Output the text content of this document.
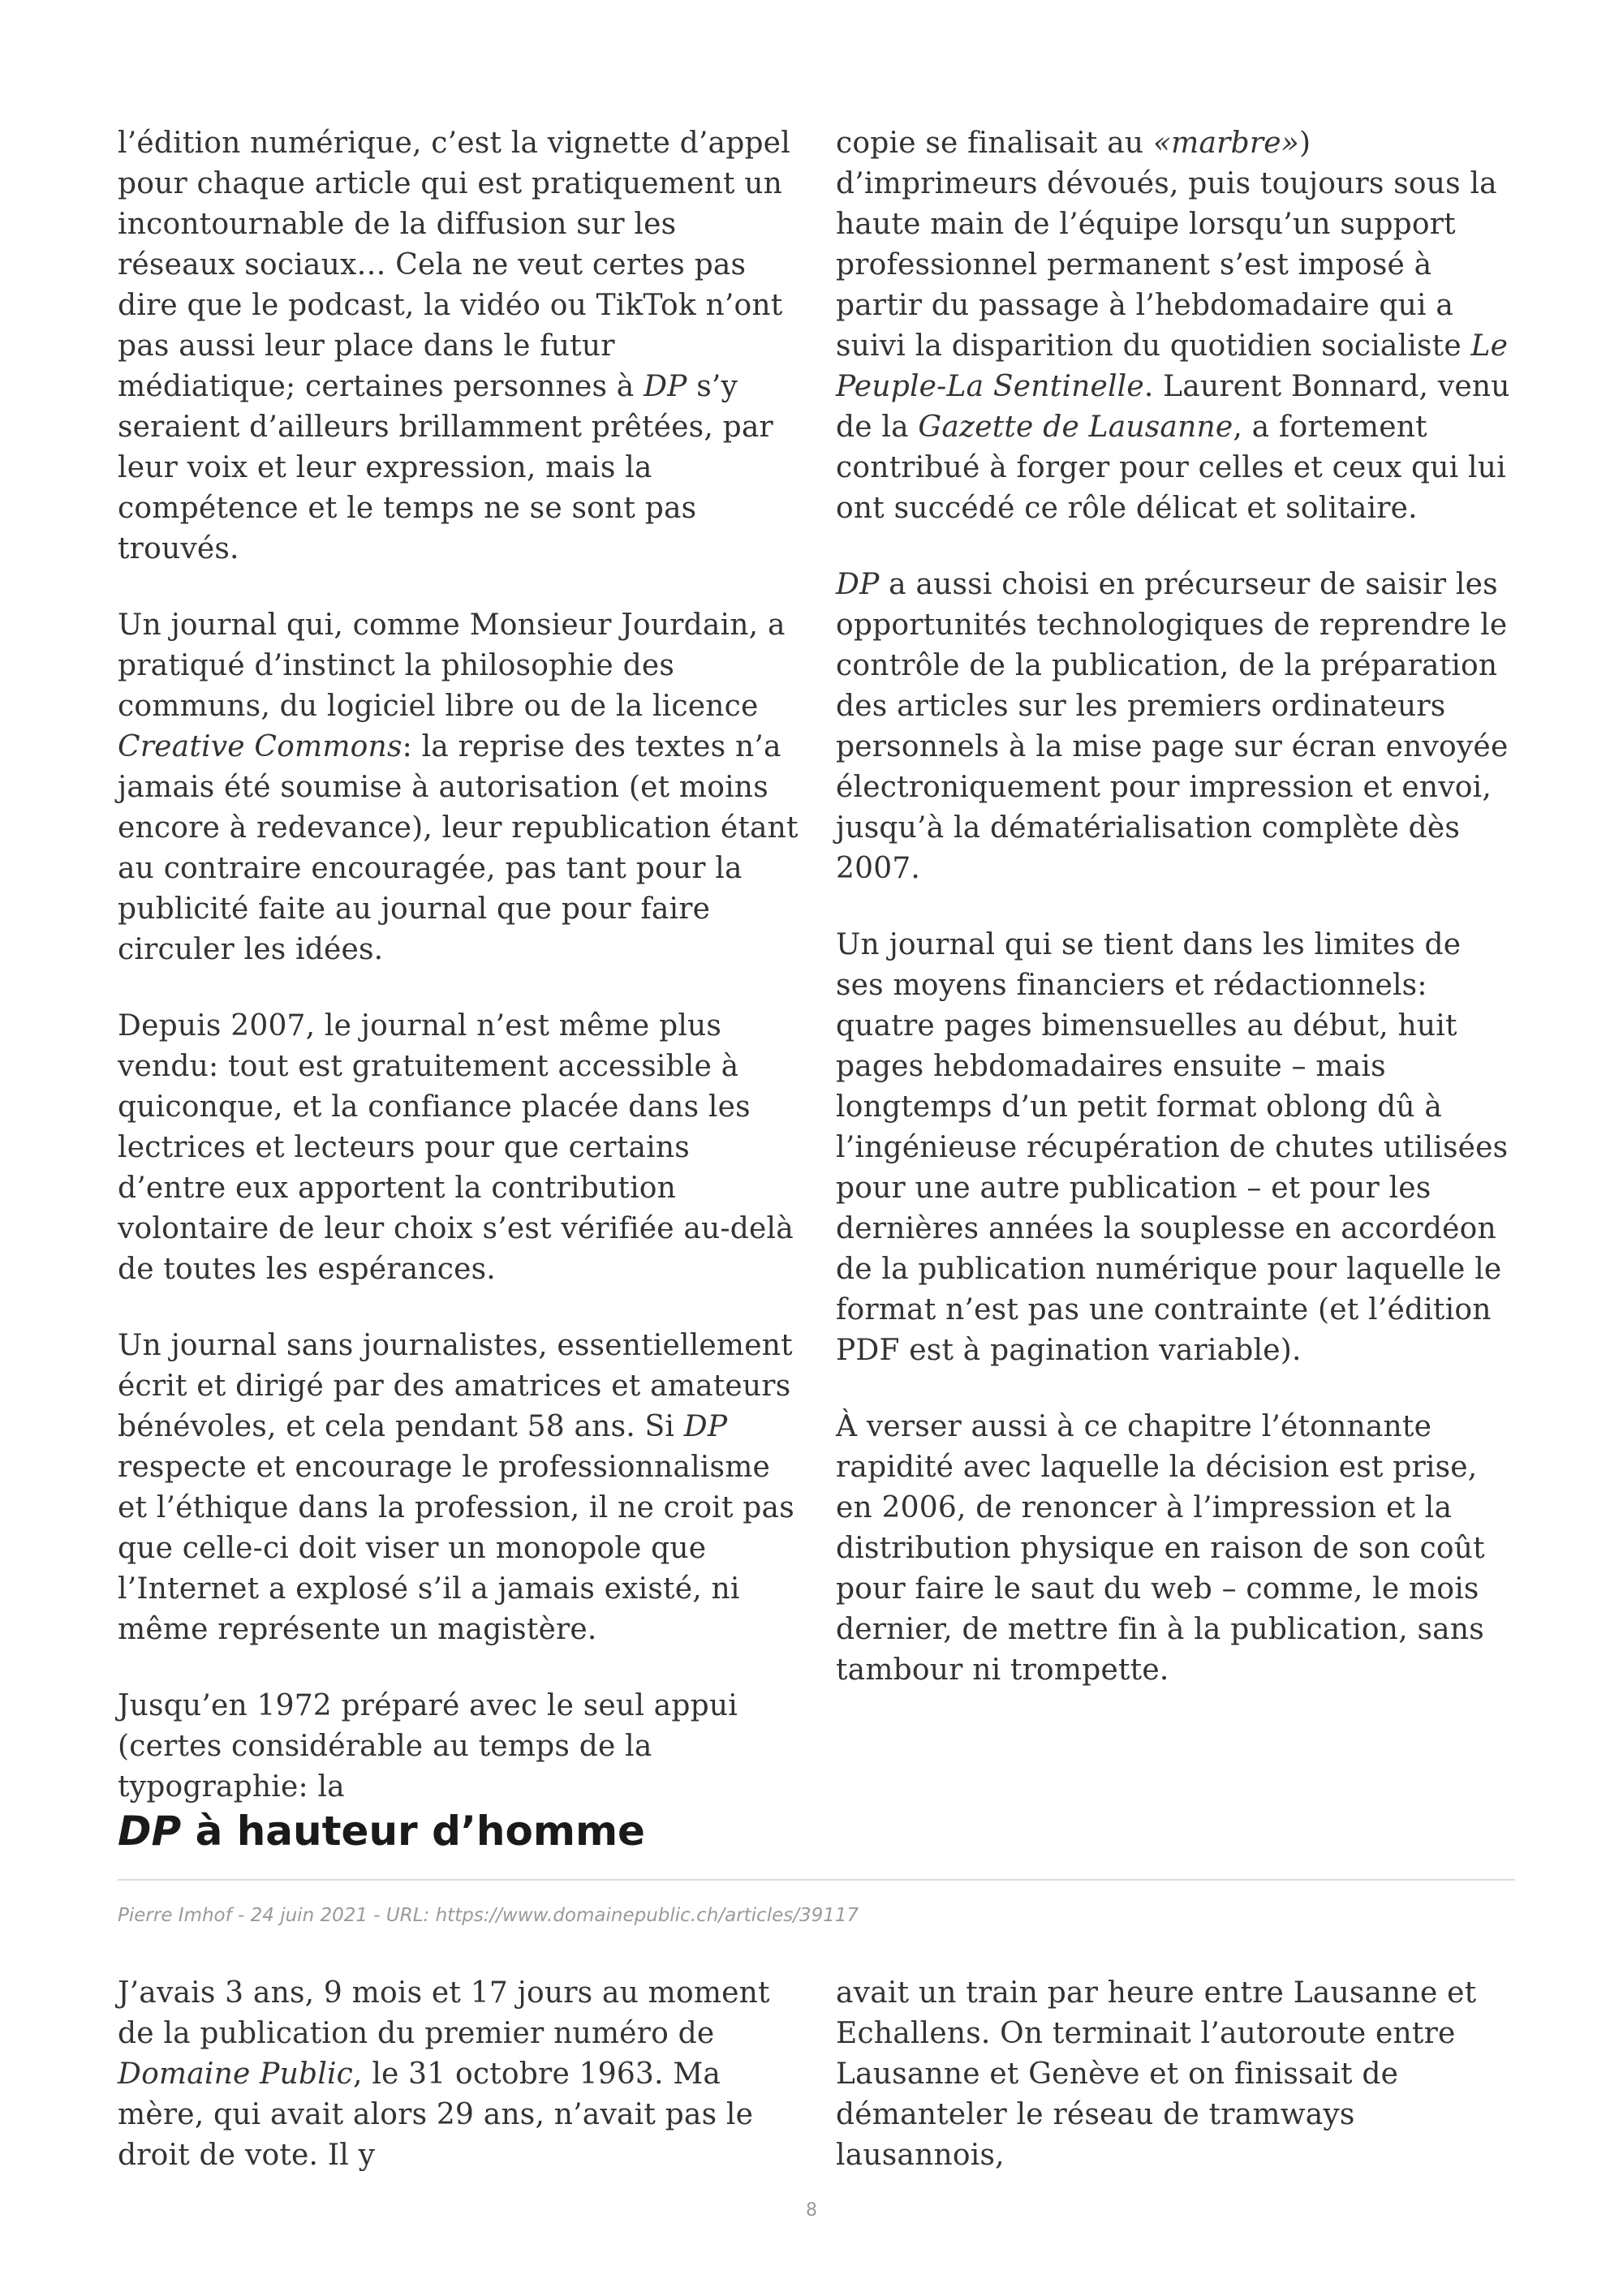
l’édition numérique, c’est la vignette d’appel pour chaque article qui est pratiquement un incontournable de la diffusion sur les réseaux sociaux… Cela ne veut certes pas dire que le podcast, la vidéo ou TikTok n’ont pas aussi leur place dans le futur médiatique; certaines personnes à DP s’y seraient d’ailleurs brillamment prêtées, par leur voix et leur expression, mais la compétence et le temps ne se sont pas trouvés.

Un journal qui, comme Monsieur Jourdain, a pratiqué d’instinct la philosophie des communs, du logiciel libre ou de la licence Creative Commons: la reprise des textes n’a jamais été soumise à autorisation (et moins encore à redevance), leur republication étant au contraire encouragée, pas tant pour la publicité faite au journal que pour faire circuler les idées.

Depuis 2007, le journal n’est même plus vendu: tout est gratuitement accessible à quiconque, et la confiance placée dans les lectrices et lecteurs pour que certains d’entre eux apportent la contribution volontaire de leur choix s’est vérifiée au-delà de toutes les espérances.

Un journal sans journalistes, essentiellement écrit et dirigé par des amatrices et amateurs bénévoles, et cela pendant 58 ans. Si DP respecte et encourage le professionnalisme et l’éthique dans la profession, il ne croit pas que celle-ci doit viser un monopole que l’Internet a explosé s’il a jamais existé, ni même représente un magistère.

Jusqu’en 1972 préparé avec le seul appui (certes considérable au temps de la typographie: la

copie se finalisait au «marbre») d’imprimeurs dévoués, puis toujours sous la haute main de l’équipe lorsqu’un support professionnel permanent s’est imposé à partir du passage à l’hebdomadaire qui a suivi la disparition du quotidien socialiste Le Peuple-La Sentinelle. Laurent Bonnard, venu de la Gazette de Lausanne, a fortement contribué à forger pour celles et ceux qui lui ont succédé ce rôle délicat et solitaire.

DP a aussi choisi en précurseur de saisir les opportunités technologiques de reprendre le contrôle de la publication, de la préparation des articles sur les premiers ordinateurs personnels à la mise page sur écran envoyée électroniquement pour impression et envoi, jusqu’à la dématérialisation complète dès 2007.

Un journal qui se tient dans les limites de ses moyens financiers et rédactionnels: quatre pages bimensuelles au début, huit pages hebdomadaires ensuite – mais longtemps d’un petit format oblong dû à l’ingénieuse récupération de chutes utilisées pour une autre publication – et pour les dernières années la souplesse en accordéon de la publication numérique pour laquelle le format n’est pas une contrainte (et l’édition PDF est à pagination variable).

À verser aussi à ce chapitre l’étonnante rapidité avec laquelle la décision est prise, en 2006, de renoncer à l’impression et la distribution physique en raison de son coût pour faire le saut du web – comme, le mois dernier, de mettre fin à la publication, sans tambour ni trompette.

DP à hauteur d’homme
Pierre Imhof - 24 juin 2021 - URL: https://www.domainepublic.ch/articles/39117

J’avais 3 ans, 9 mois et 17 jours au moment de la publication du premier numéro de Domaine Public, le 31 octobre 1963. Ma mère, qui avait alors 29 ans, n’avait pas le droit de vote. Il y

avait un train par heure entre Lausanne et Echallens. On terminait l’autoroute entre Lausanne et Genève et on finissait de démanteler le réseau de tramways lausannois,

8
